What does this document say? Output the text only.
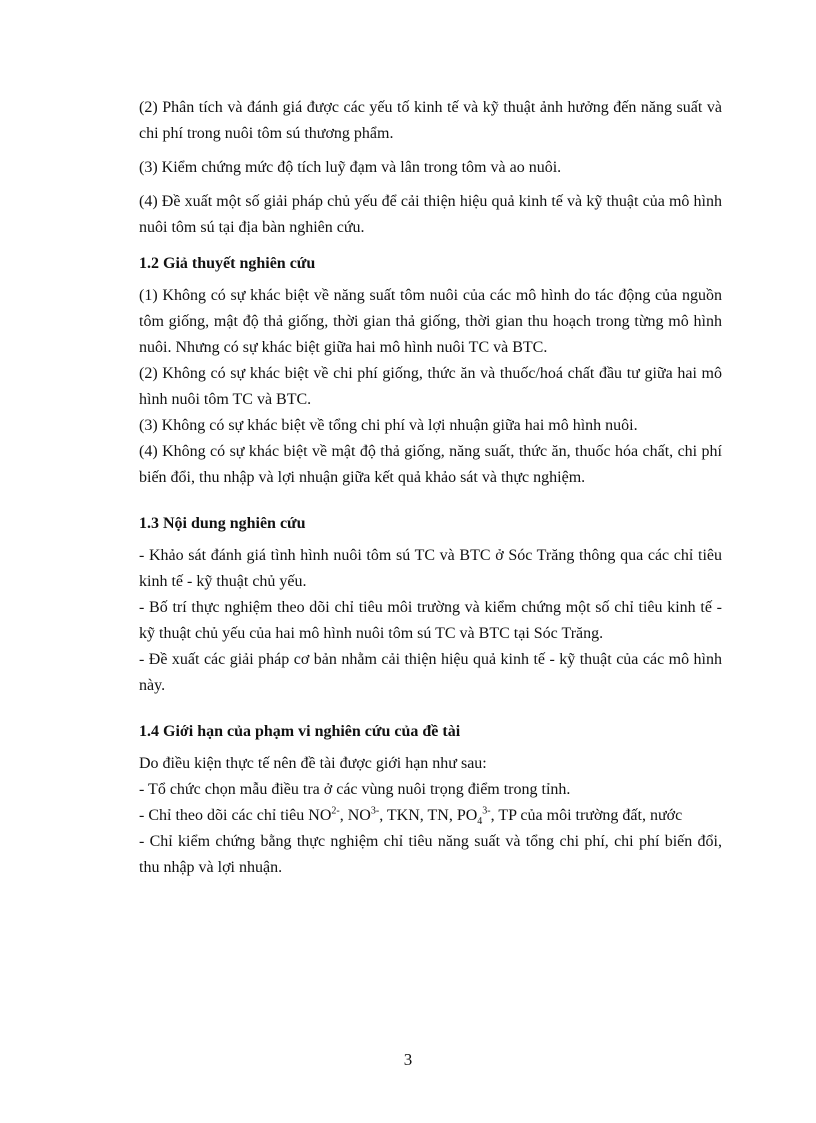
(2) Phân tích và đánh giá được các yếu tố kinh tế và kỹ thuật ảnh hưởng đến năng suất và chi phí trong nuôi tôm sú thương phẩm.

(3) Kiểm chứng mức độ tích luỹ đạm và lân trong tôm và ao nuôi.

(4) Đề xuất một số giải pháp chủ yếu để cải thiện hiệu quả kinh tế và kỹ thuật của mô hình nuôi tôm sú tại địa bàn nghiên cứu.

1.2 Giả thuyết nghiên cứu

(1) Không có sự khác biệt về năng suất tôm nuôi của các mô hình do tác động của nguồn tôm giống, mật độ thả giống, thời gian thả giống, thời gian thu hoạch trong từng mô hình nuôi. Nhưng có sự khác biệt giữa hai mô hình nuôi TC và BTC.

(2) Không có sự khác biệt về chi phí giống, thức ăn và thuốc/hoá chất đầu tư giữa hai mô hình nuôi tôm TC và BTC.

(3) Không có sự khác biệt về tổng chi phí và lợi nhuận giữa hai mô hình nuôi.

(4) Không có sự khác biệt về mật độ thả giống, năng suất, thức ăn, thuốc hóa chất, chi phí biến đổi, thu nhập và lợi nhuận giữa kết quả khảo sát và thực nghiệm.

1.3 Nội dung nghiên cứu

- Khảo sát đánh giá tình hình nuôi tôm sú TC và BTC ở Sóc Trăng thông qua các chỉ tiêu kinh tế - kỹ thuật chủ yếu.

- Bố trí thực nghiệm theo dõi chỉ tiêu môi trường và kiểm chứng một số chỉ tiêu kinh tế - kỹ thuật chủ yếu của hai mô hình nuôi tôm sú TC và BTC tại Sóc Trăng.

- Đề xuất các giải pháp cơ bản nhằm cải thiện hiệu quả kinh tế - kỹ thuật của các mô hình này.

1.4 Giới hạn của phạm vi nghiên cứu của đề tài

Do điều kiện thực tế nên đề tài được giới hạn như sau:

- Tổ chức chọn mẫu điều tra ở các vùng nuôi trọng điểm trong tỉnh.

- Chỉ theo dõi các chỉ tiêu $NO^{2-}$, $NO^{3-}$, TKN, TN, $PO_4^{3-}$, TP của môi trường đất, nước

- Chỉ kiểm chứng bằng thực nghiệm chỉ tiêu năng suất và tổng chi phí, chi phí biến đổi, thu nhập và lợi nhuận.

3
